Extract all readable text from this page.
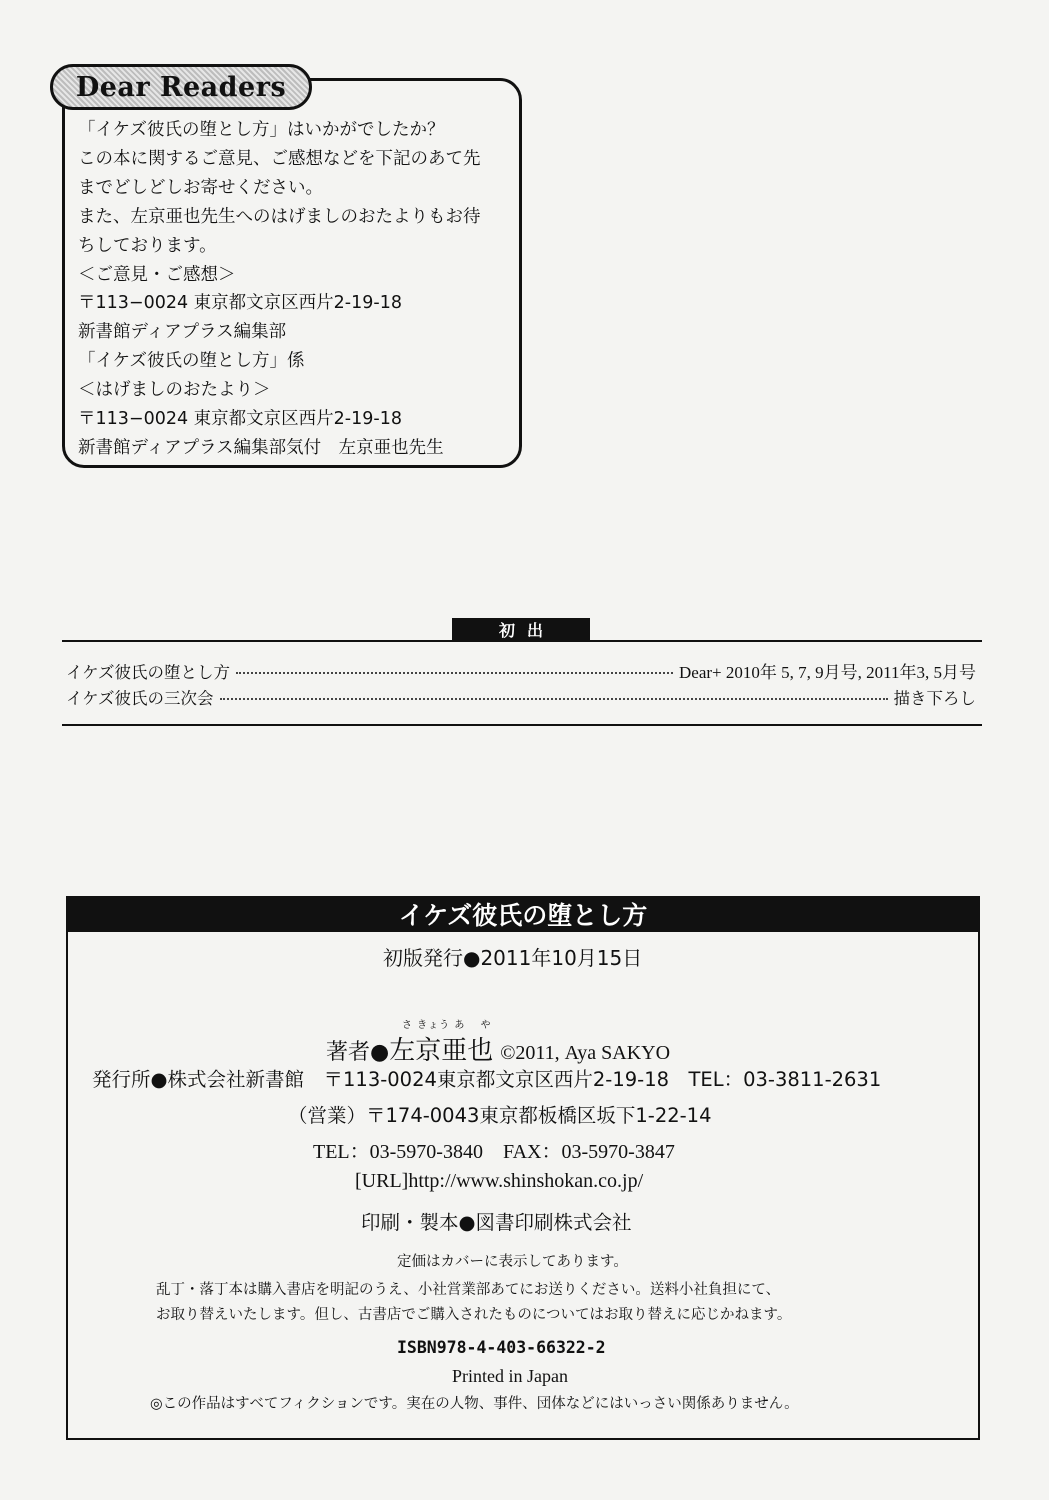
Dear Readers
「イケズ彼氏の堕とし方」はいかがでしたか？
この本に関するご意見、ご感想などを下記のあて先
までどしどしお寄せください。
また、左京亜也先生へのはげましのおたよりもお待
ちしております。
＜ご意見・ご感想＞
〒113−0024 東京都文京区西片2-19-18
新書館ディアプラス編集部
「イケズ彼氏の堕とし方」係
＜はげましのおたより＞
〒113−0024 東京都文京区西片2-19-18
新書館ディアプラス編集部気付　左京亜也先生
初出
イケズ彼氏の堕とし方	Dear+ 2010年 5, 7, 9月号, 2011年3, 5月号
イケズ彼氏の三次会	描き下ろし
イケズ彼氏の堕とし方
初版発行●2011年10月15日
さ きょう あ　 や
著者●左京亜也 ©2011, Aya SAKYO
発行所●株式会社新書館　〒113-0024東京都文京区西片2-19-18　TEL：03-3811-2631
（営業）〒174-0043東京都板橋区坂下1-22-14
TEL：03-5970-3840　FAX：03-5970-3847
[URL]http://www.shinshokan.co.jp/
印刷・製本●図書印刷株式会社
定価はカバーに表示してあります。
乱丁・落丁本は購入書店を明記のうえ、小社営業部あてにお送りください。送料小社負担にて、
お取り替えいたします。但し、古書店でご購入されたものについてはお取り替えに応じかねます。
ISBN978-4-403-66322-2
Printed in Japan
◎この作品はすべてフィクションです。実在の人物、事件、団体などにはいっさい関係ありません。
